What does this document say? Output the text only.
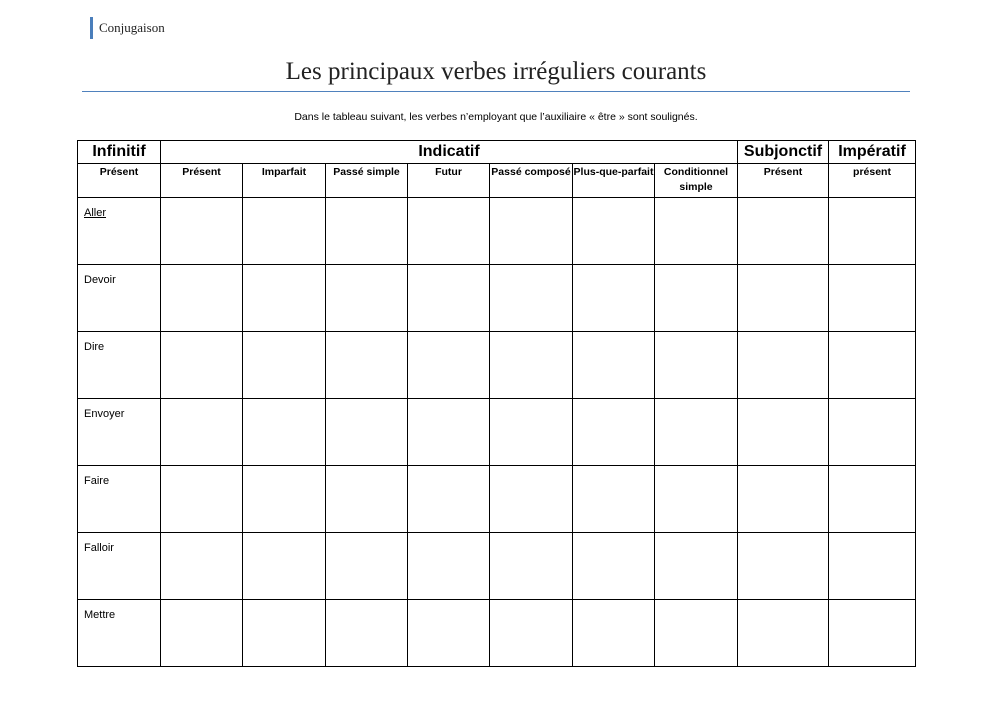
Conjugaison
Les principaux verbes irréguliers courants
Dans le tableau suivant, les verbes n’employant que l’auxiliaire « être » sont soulignés.
Infinitif	Indicatif							Subjonctif	Impératif
Présent	Présent	Imparfait	Passé simple	Futur	Passé composé	Plus-que-parfait	Conditionnel simple	Présent	présent
Aller									
Devoir									
Dire									
Envoyer									
Faire									
Falloir									
Mettre									
